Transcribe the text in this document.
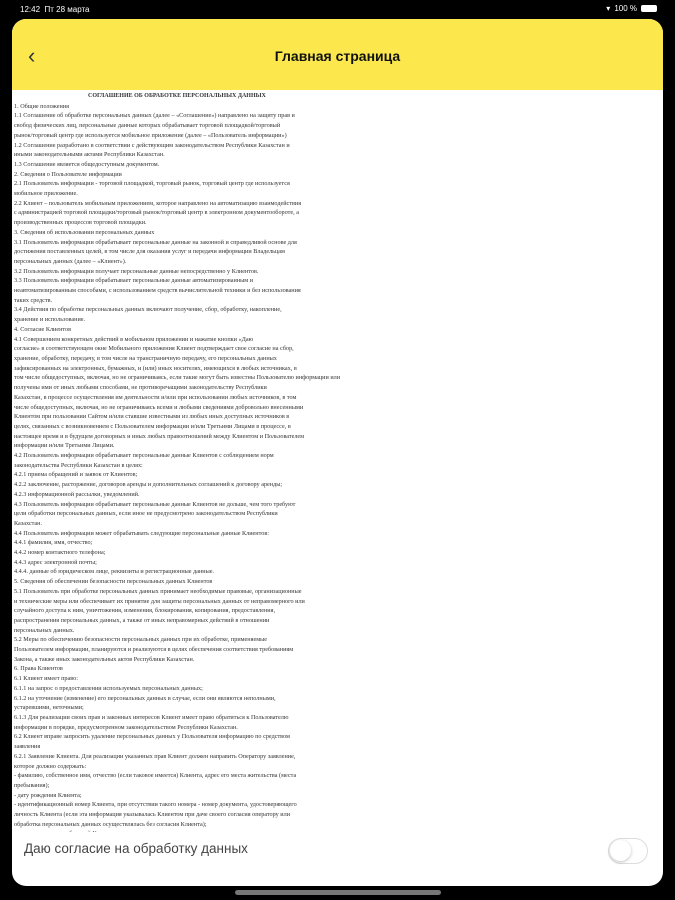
12:42 Пт 28 марта	▾ 100 %
‹	Главная страница
СОГЛАШЕНИЕ ОБ ОБРАБОТКЕ ПЕРСОНАЛЬНЫХ ДАННЫХ
1. Общие положения
1.1 Соглашение об обработке персональных данных (далее – «Соглашение») направлено на защиту прав и
свобод физических лиц, персональные данные которых обрабатывает торговой площадкой/торговый
рынок/торговый центр где используется мобильное приложение (далее – «Пользователь информации»)
1.2 Соглашение разработано в соответствии с действующим законодательством Республики Казахстан и
иными законодательными актами Республики Казахстан.
1.3 Соглашение является общедоступным документом.
2. Сведения о Пользователе информации
2.1 Пользователь информации - торговой площадкой, торговый рынок, торговый центр где используется
мобильное приложение.
2.2 Клиент – пользователь мобильным приложением, которое направлено на автоматизацию взаимодействия
с администрацией торговой площадки/торговый рынок/торговый центр в электронном документообороте, а
производственных процессов торговой площадки.
3. Сведения об использовании персональных данных
3.1 Пользователь информации обрабатывает персональные данные на законной и справедливой основе для
достижения поставленных целей, в том числе для оказания услуг и передачи информации Владельцам
персональных данных (далее – «Клиент»).
3.2 Пользователь информации получает персональные данные непосредственно у Клиентов.
3.3 Пользователь информации обрабатывает персональные данные автоматизированным и
неавтоматизированным способами, с использованием средств вычислительной техники и без использования
таких средств.
3.4 Действия по обработке персональных данных включают получение, сбор, обработку, накопление,
хранение и использование.
4. Согласие Клиентов
4.1 Совершением конкретных действий в мобильном приложении и нажатие кнопки «Даю
согласие» в соответствующем окне Мобильного приложения Клиент подтверждает свое согласие на сбор,
хранение, обработку, передачу, в том числе на трансграничную передачу, его персональных данных
зафиксированных на электронных, бумажных, и (или) иных носителях, имеющихся в любых источниках, в
том числе общедоступных, включая, но не ограничиваясь, если такие могут быть известны Пользователю информации или
получены ими от иных любыми способами, не противоречащими законодательству Республики
Казахстан, в процессе осуществления им деятельности и/или при использовании любых источников, в том
числе общедоступных, включая, но не ограничиваясь всеми и любыми сведениями добровольно внесенными
Клиентом при пользовании Сайтом и/или ставшие известными из любых иных доступных источников в
целях, связанных с возникновением с Пользователем информации и/или Третьими Лицами в процессе, в
настоящее время и в будущем договорных и иных любых правоотношений между Клиентом и Пользователем
информации и/или Третьими Лицами.
4.2 Пользователь информации обрабатывает персональные данные Клиентов с соблюдением норм
законодательства Республики Казахстан в целях:
4.2.1 приема обращений и заявок от Клиентов;
4.2.2 заключение, расторжение, договоров аренды и дополнительных соглашений к договору аренды;
4.2.3 информационной рассылки, уведомлений.
4.3 Пользователь информации обрабатывает персональные данные Клиентов не дольше, чем того требуют
цели обработки персональных данных, если иное не предусмотрено законодательством Республики
Казахстан.
4.4 Пользователь информации может обрабатывать следующие персональные данные Клиентов:
4.4.1 фамилия, имя, отчество;
4.4.2 номер контактного телефона;
4.4.3 адрес электронной почты;
4.4.4. данные об юридическом лице, реквизиты и регистрационные данные.
5. Сведения об обеспечении безопасности персональных данных Клиентов
5.1 Пользователь при обработке персональных данных принимает необходимые правовые, организационные
и технические меры или обеспечивает их принятие для защиты персональных данных от неправомерного или
случайного доступа к ним, уничтожения, изменения, блокирования, копирования, предоставления,
распространения персональных данных, а также от иных неправомерных действий в отношении
персональных данных.
5.2 Меры по обеспечению безопасности персональных данных при их обработке, применяемые
Пользователем информации, планируются и реализуются в целях обеспечения соответствия требованиям
Закона, а также иных законодательных актов Республики Казахстан.
6. Права Клиентов
6.1 Клиент имеет право:
6.1.1 на запрос о предоставлении используемых персональных данных;
6.1.2 на уточнение (изменение) его персональных данных в случае, если они являются неполными,
устаревшими, неточными;
6.1.3 Для реализации своих прав и законных интересов Клиент имеет право обратиться к Пользователю
информации в порядке, предусмотренном законодательством Республики Казахстан.
6.2 Клиент вправе запросить удаление персональных данных у Пользователя информацию по средством
заявления
6.2.1 Заявление Клиента. Для реализации указанных прав Клиент должен направить Оператору заявление,
которое должно содержать:
- фамилию, собственное имя, отчество (если таковое имеется) Клиента, адрес его места жительства (места
пребывания);
- дату рождения Клиента;
- идентификационный номер Клиента, при отсутствии такого номера - номер документа, удостоверяющего
личность Клиента (если эта информация указывалась Клиентом при даче своего согласия оператору или
обработка персональных данных осуществлялась без согласия Клиента);
Даю согласие на обработку данных
